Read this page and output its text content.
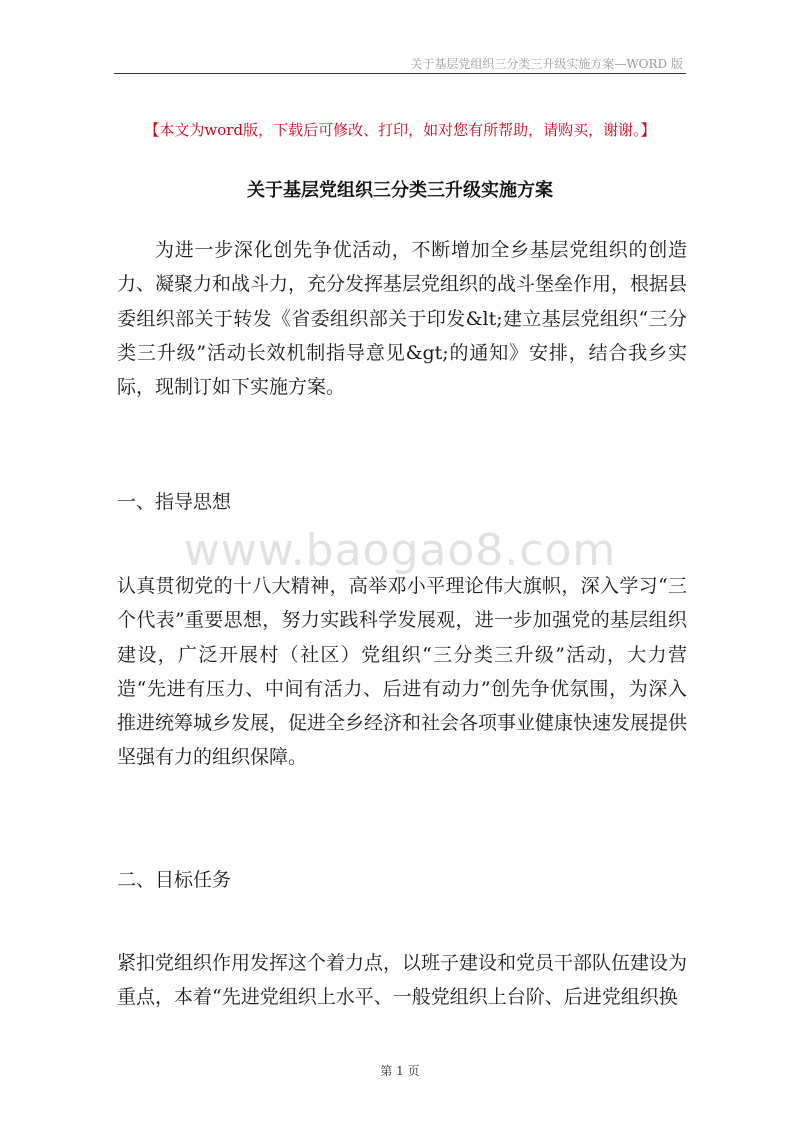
关于基层党组织三分类三升级实施方案—WORD 版
【本文为word版，下载后可修改、打印，如对您有所帮助，请购买，谢谢。】
关于基层党组织三分类三升级实施方案

为进一步深化创先争优活动，不断增加全乡基层党组织的创造力、凝聚力和战斗力，充分发挥基层党组织的战斗堡垒作用，根据县委组织部关于转发《省委组织部关于印发&lt;建立基层党组织“三分类三升级”活动长效机制指导意见&gt;的通知》安排，结合我乡实际，现制订如下实施方案。

一、指导思想
www.baogao8.com

认真贯彻党的十八大精神，高举邓小平理论伟大旗帜，深入学习“三个代表”重要思想，努力实践科学发展观，进一步加强党的基层组织建设，广泛开展村（社区）党组织“三分类三升级”活动，大力营造“先进有压力、中间有活力、后进有动力”创先争优氛围，为深入推进统筹城乡发展，促进全乡经济和社会各项事业健康快速发展提供坚强有力的组织保障。

二、目标任务

紧扣党组织作用发挥这个着力点，以班子建设和党员干部队伍建设为重点，本着“先进党组织上水平、一般党组织上台阶、后进党组织换

第 1 页
